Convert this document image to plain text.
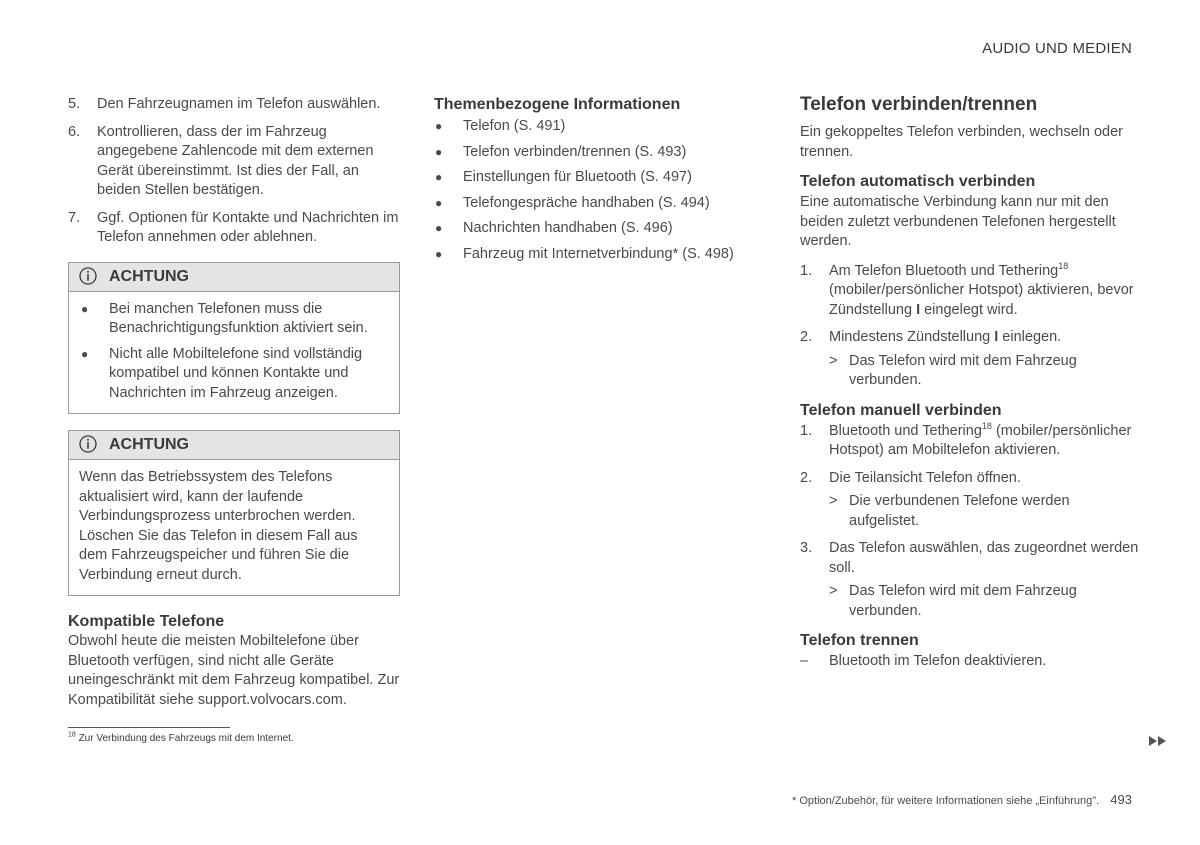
AUDIO UND MEDIEN
5. Den Fahrzeugnamen im Telefon auswählen.
6. Kontrollieren, dass der im Fahrzeug angegebene Zahlencode mit dem externen Gerät übereinstimmt. Ist dies der Fall, an beiden Stellen bestätigen.
7. Ggf. Optionen für Kontakte und Nachrichten im Telefon annehmen oder ablehnen.
ACHTUNG
● Bei manchen Telefonen muss die Benachrichtigungsfunktion aktiviert sein.
● Nicht alle Mobiltelefone sind vollständig kompatibel und können Kontakte und Nachrichten im Fahrzeug anzeigen.
ACHTUNG

Wenn das Betriebssystem des Telefons aktualisiert wird, kann der laufende Verbindungsprozess unterbrochen werden. Löschen Sie das Telefon in diesem Fall aus dem Fahrzeugspeicher und führen Sie die Verbindung erneut durch.

Kompatible Telefone

Obwohl heute die meisten Mobiltelefone über Bluetooth verfügen, sind nicht alle Geräte uneingeschränkt mit dem Fahrzeug kompatibel. Zur Kompatibilität siehe support.volvocars.com.

Themenbezogene Informationen
● Telefon (S. 491)
● Telefon verbinden/trennen (S. 493)
● Einstellungen für Bluetooth (S. 497)
● Telefongespräche handhaben (S. 494)
● Nachrichten handhaben (S. 496)
● Fahrzeug mit Internetverbindung* (S. 498)
Telefon verbinden/trennen

Ein gekoppeltes Telefon verbinden, wechseln oder trennen.

Telefon automatisch verbinden

Eine automatische Verbindung kann nur mit den beiden zuletzt verbundenen Telefonen hergestellt werden.

1. Am Telefon Bluetooth und Tethering$^{18}$ (mobiler/persönlicher Hotspot) aktivieren, bevor Zündstellung I eingelegt wird.
2. Mindestens Zündstellung I einlegen.
> Das Telefon wird mit dem Fahrzeug verbunden.
Telefon manuell verbinden
1. Bluetooth und Tethering$^{18}$ (mobiler/persönlicher Hotspot) am Mobiltelefon aktivieren.
2. Die Teilansicht Telefon öffnen.
> Die verbundenen Telefone werden aufgelistet.
3. Das Telefon auswählen, das zugeordnet werden soll.
> Das Telefon wird mit dem Fahrzeug verbunden.
Telefon trennen
– Bluetooth im Telefon deaktivieren.
$^{18}$ Zur Verbindung des Fahrzeugs mit dem Internet.
* Option/Zubehör, für weitere Informationen siehe „Einführung". 493
